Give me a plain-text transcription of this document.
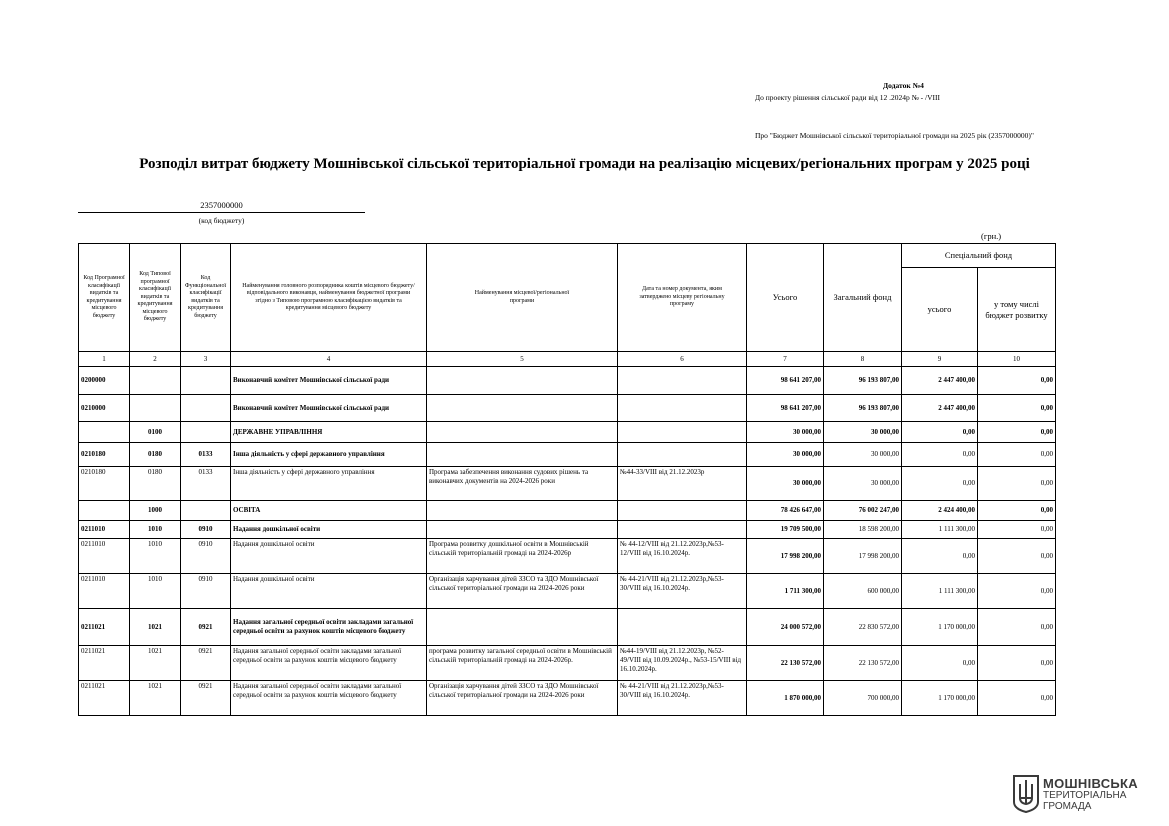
Додаток №4
До проекту рішення сільської ради від 12 .2024р № - /VIII
Про "Бюджет Мошнівської сільської територіальної громади на 2025 рік (2357000000)"
Розподіл витрат бюджету Мошнівської сільської територіальної громади на реалізацію місцевих/регіональних програм у 2025 році
2357000000
(код бюджету)
(грн.)
Код Програмної класифікації видатків та кредитування місцевого бюджету	Код Типової програмної класифікації видатків та кредитування місцевого бюджету	Код Функціональної класифікації видатків та кредитування бюджету	Найменування головного розпорядника коштів місцевого бюджету/ відповідального виконавця, найменування бюджетної програми згідно з Типовою програмною класифікацією видатків та кредитування місцевого бюджету	Найменування місцевої/регіональної програми	Дата та номер документа, яким затверджено місцеву регіональну програму	Усього	Загальний фонд	Спеціальний фонд	
								усього	у тому числі бюджет розвитку
1	2	3	4	5	6	7	8	9	10
0200000			Виконавчий комітет Мошнівської сільської ради			98 641 207,00	96 193 807,00	2 447 400,00	0,00
0210000			Виконавчий комітет Мошнівської сільської ради			98 641 207,00	96 193 807,00	2 447 400,00	0,00
	0100		ДЕРЖАВНЕ УПРАВЛІННЯ			30 000,00	30 000,00	0,00	0,00
0210180	0180	0133	Інша діяльність у сфері державного управління			30 000,00	30 000,00	0,00	0,00
0210180	0180	0133	Інша діяльність у сфері державного управління	Програма забезпечення виконання судових рішень та виконавчих документів на 2024-2026 роки	№44-33/VIII від 21.12.2023р	30 000,00	30 000,00	0,00	0,00
	1000		ОСВІТА			78 426 647,00	76 002 247,00	2 424 400,00	0,00
0211010	1010	0910	Надання дошкільної освіти			19 709 500,00	18 598 200,00	1 111 300,00	0,00
0211010	1010	0910	Надання дошкільної освіти	Програма розвитку дошкільної освіти в Мошнівській сільській територіальній громаді на 2024-2026р	№ 44-12/VIII від 21.12.2023р,№53-12/VIII від 16.10.2024р.	17 998 200,00	17 998 200,00	0,00	0,00
0211010	1010	0910	Надання дошкільної освіти	Організація харчування дітей ЗЗСО та ЗДО Мошнівської сільської територіальної громади на 2024-2026 роки	№ 44-21/VIII від 21.12.2023р,№53-30/VIII від 16.10.2024р.	1 711 300,00	600 000,00	1 111 300,00	0,00
0211021	1021	0921	Надання загальної середньої освіти закладами загальної середньої освіти за рахунок коштів місцевого бюджету			24 000 572,00	22 830 572,00	1 170 000,00	0,00
0211021	1021	0921	Надання загальної середньої освіти закладами загальної середньої освіти за рахунок коштів місцевого бюджету	програма розвитку загальної середньої освіти в Мошнівській сільській територіальній громаді на 2024-2026р.	№44-19/VIII від 21.12.2023р, №52-49/VIII від 10.09.2024р., №53-15/VIII від 16.10.2024р.	22 130 572,00	22 130 572,00	0,00	0,00
0211021	1021	0921	Надання загальної середньої освіти закладами загальної середньої освіти за рахунок коштів місцевого бюджету	Організація харчування дітей ЗЗСО та ЗДО Мошнівської сільської територіальної громади на 2024-2026 роки	№ 44-21/VIII від 21.12.2023р,№53-30/VIII від 16.10.2024р.	1 870 000,00	700 000,00	1 170 000,00	0,00
МОШНІВСЬКА
ТЕРИТОРІАЛЬНА
ГРОМАДА
